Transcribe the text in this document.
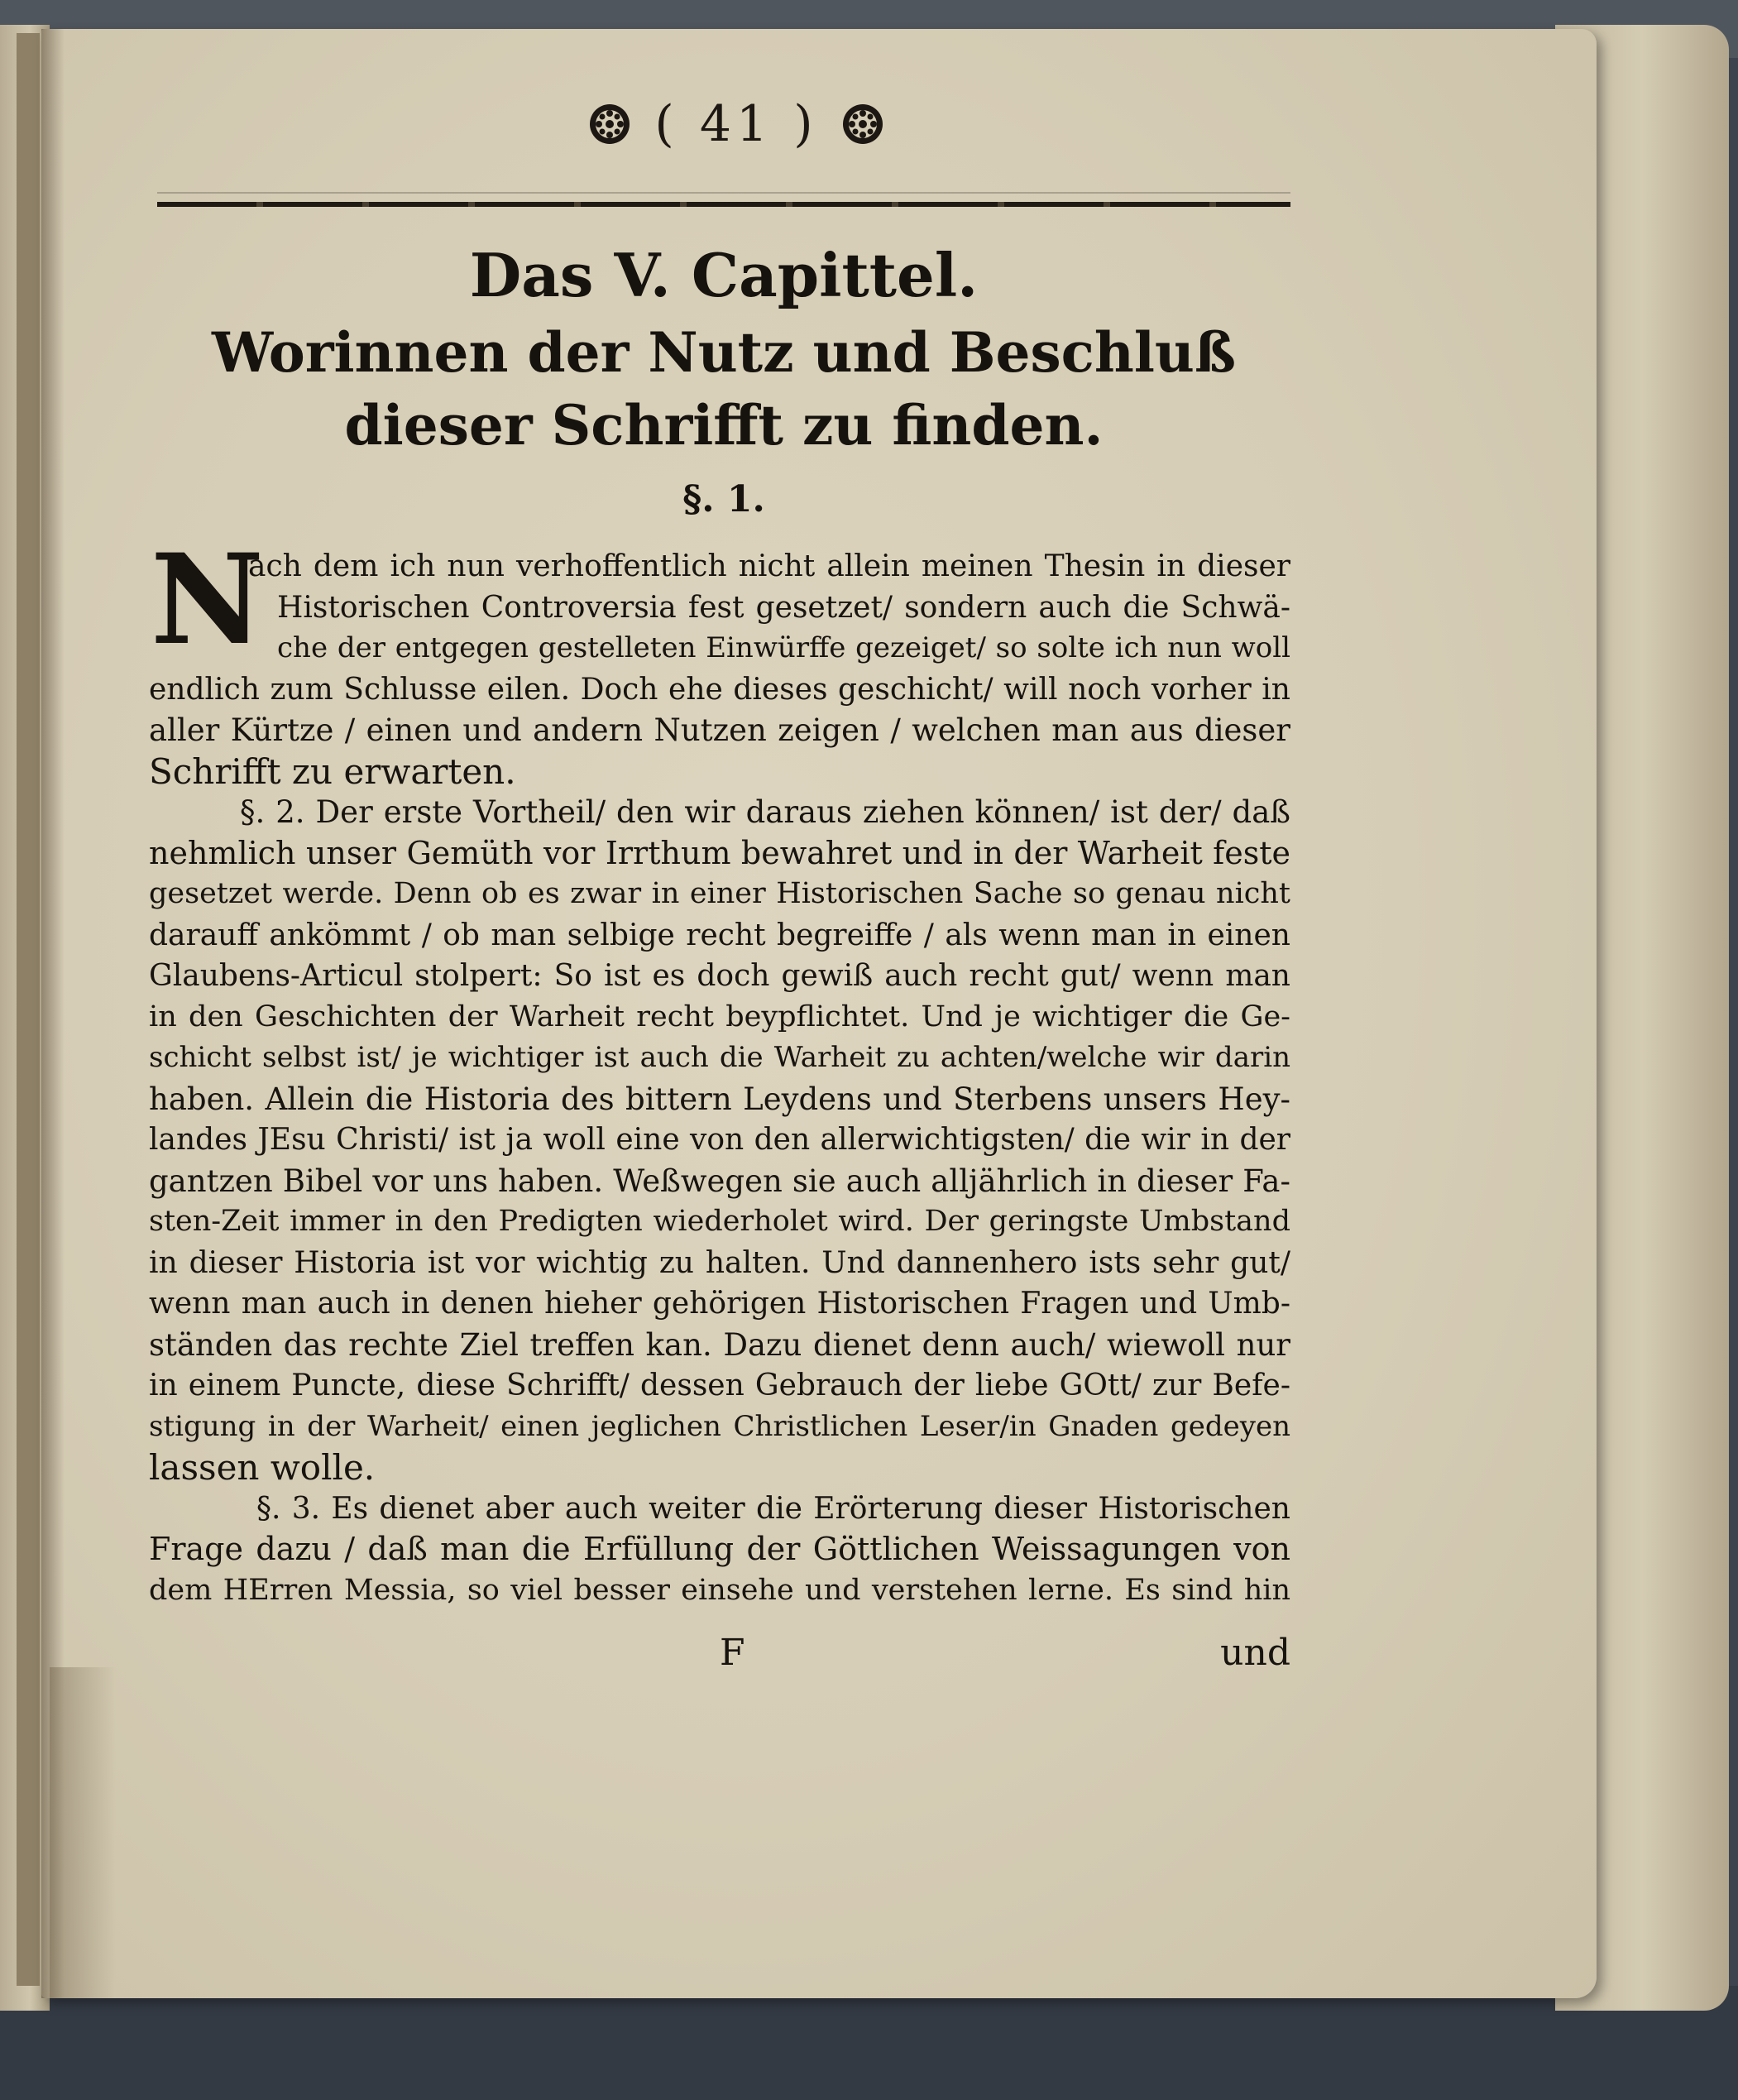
( 41 )
Das V. Capittel.
Worinnen der Nutz und Beschluß dieser Schrifft zu finden.
§. 1.
N
ach dem ich nun verhoffentlich nicht allein meinen Thesin in dieser
Historischen Controversia fest gesetzet/ sondern auch die Schwä-
che der entgegen gestelleten Einwürffe gezeiget/ so solte ich nun woll
endlich zum Schlusse eilen. Doch ehe dieses geschicht/ will noch vorher in
aller Kürtze / einen und andern Nutzen zeigen / welchen man aus dieser
Schrifft zu erwarten.
§. 2. Der erste Vortheil/ den wir daraus ziehen können/ ist der/ daß
nehmlich unser Gemüth vor Irrthum bewahret und in der Warheit feste
gesetzet werde. Denn ob es zwar in einer Historischen Sache so genau nicht
darauff ankömmt / ob man selbige recht begreiffe / als wenn man in einen
Glaubens-Articul stolpert: So ist es doch gewiß auch recht gut/ wenn man
in den Geschichten der Warheit recht beypflichtet. Und je wichtiger die Ge-
schicht selbst ist/ je wichtiger ist auch die Warheit zu achten/welche wir darin
haben. Allein die Historia des bittern Leydens und Sterbens unsers Hey-
landes JEsu Christi/ ist ja woll eine von den allerwichtigsten/ die wir in der
gantzen Bibel vor uns haben. Weßwegen sie auch alljährlich in dieser Fa-
sten-Zeit immer in den Predigten wiederholet wird. Der geringste Umbstand
in dieser Historia ist vor wichtig zu halten. Und dannenhero ists sehr gut/
wenn man auch in denen hieher gehörigen Historischen Fragen und Umb-
ständen das rechte Ziel treffen kan. Dazu dienet denn auch/ wiewoll nur
in einem Puncte, diese Schrifft/ dessen Gebrauch der liebe GOtt/ zur Befe-
stigung in der Warheit/ einen jeglichen Christlichen Leser/in Gnaden gedeyen
lassen wolle.
§. 3. Es dienet aber auch weiter die Erörterung dieser Historischen
Frage dazu / daß man die Erfüllung der Göttlichen Weissagungen von
dem HErren Messia, so viel besser einsehe und verstehen lerne. Es sind hin
F	und
